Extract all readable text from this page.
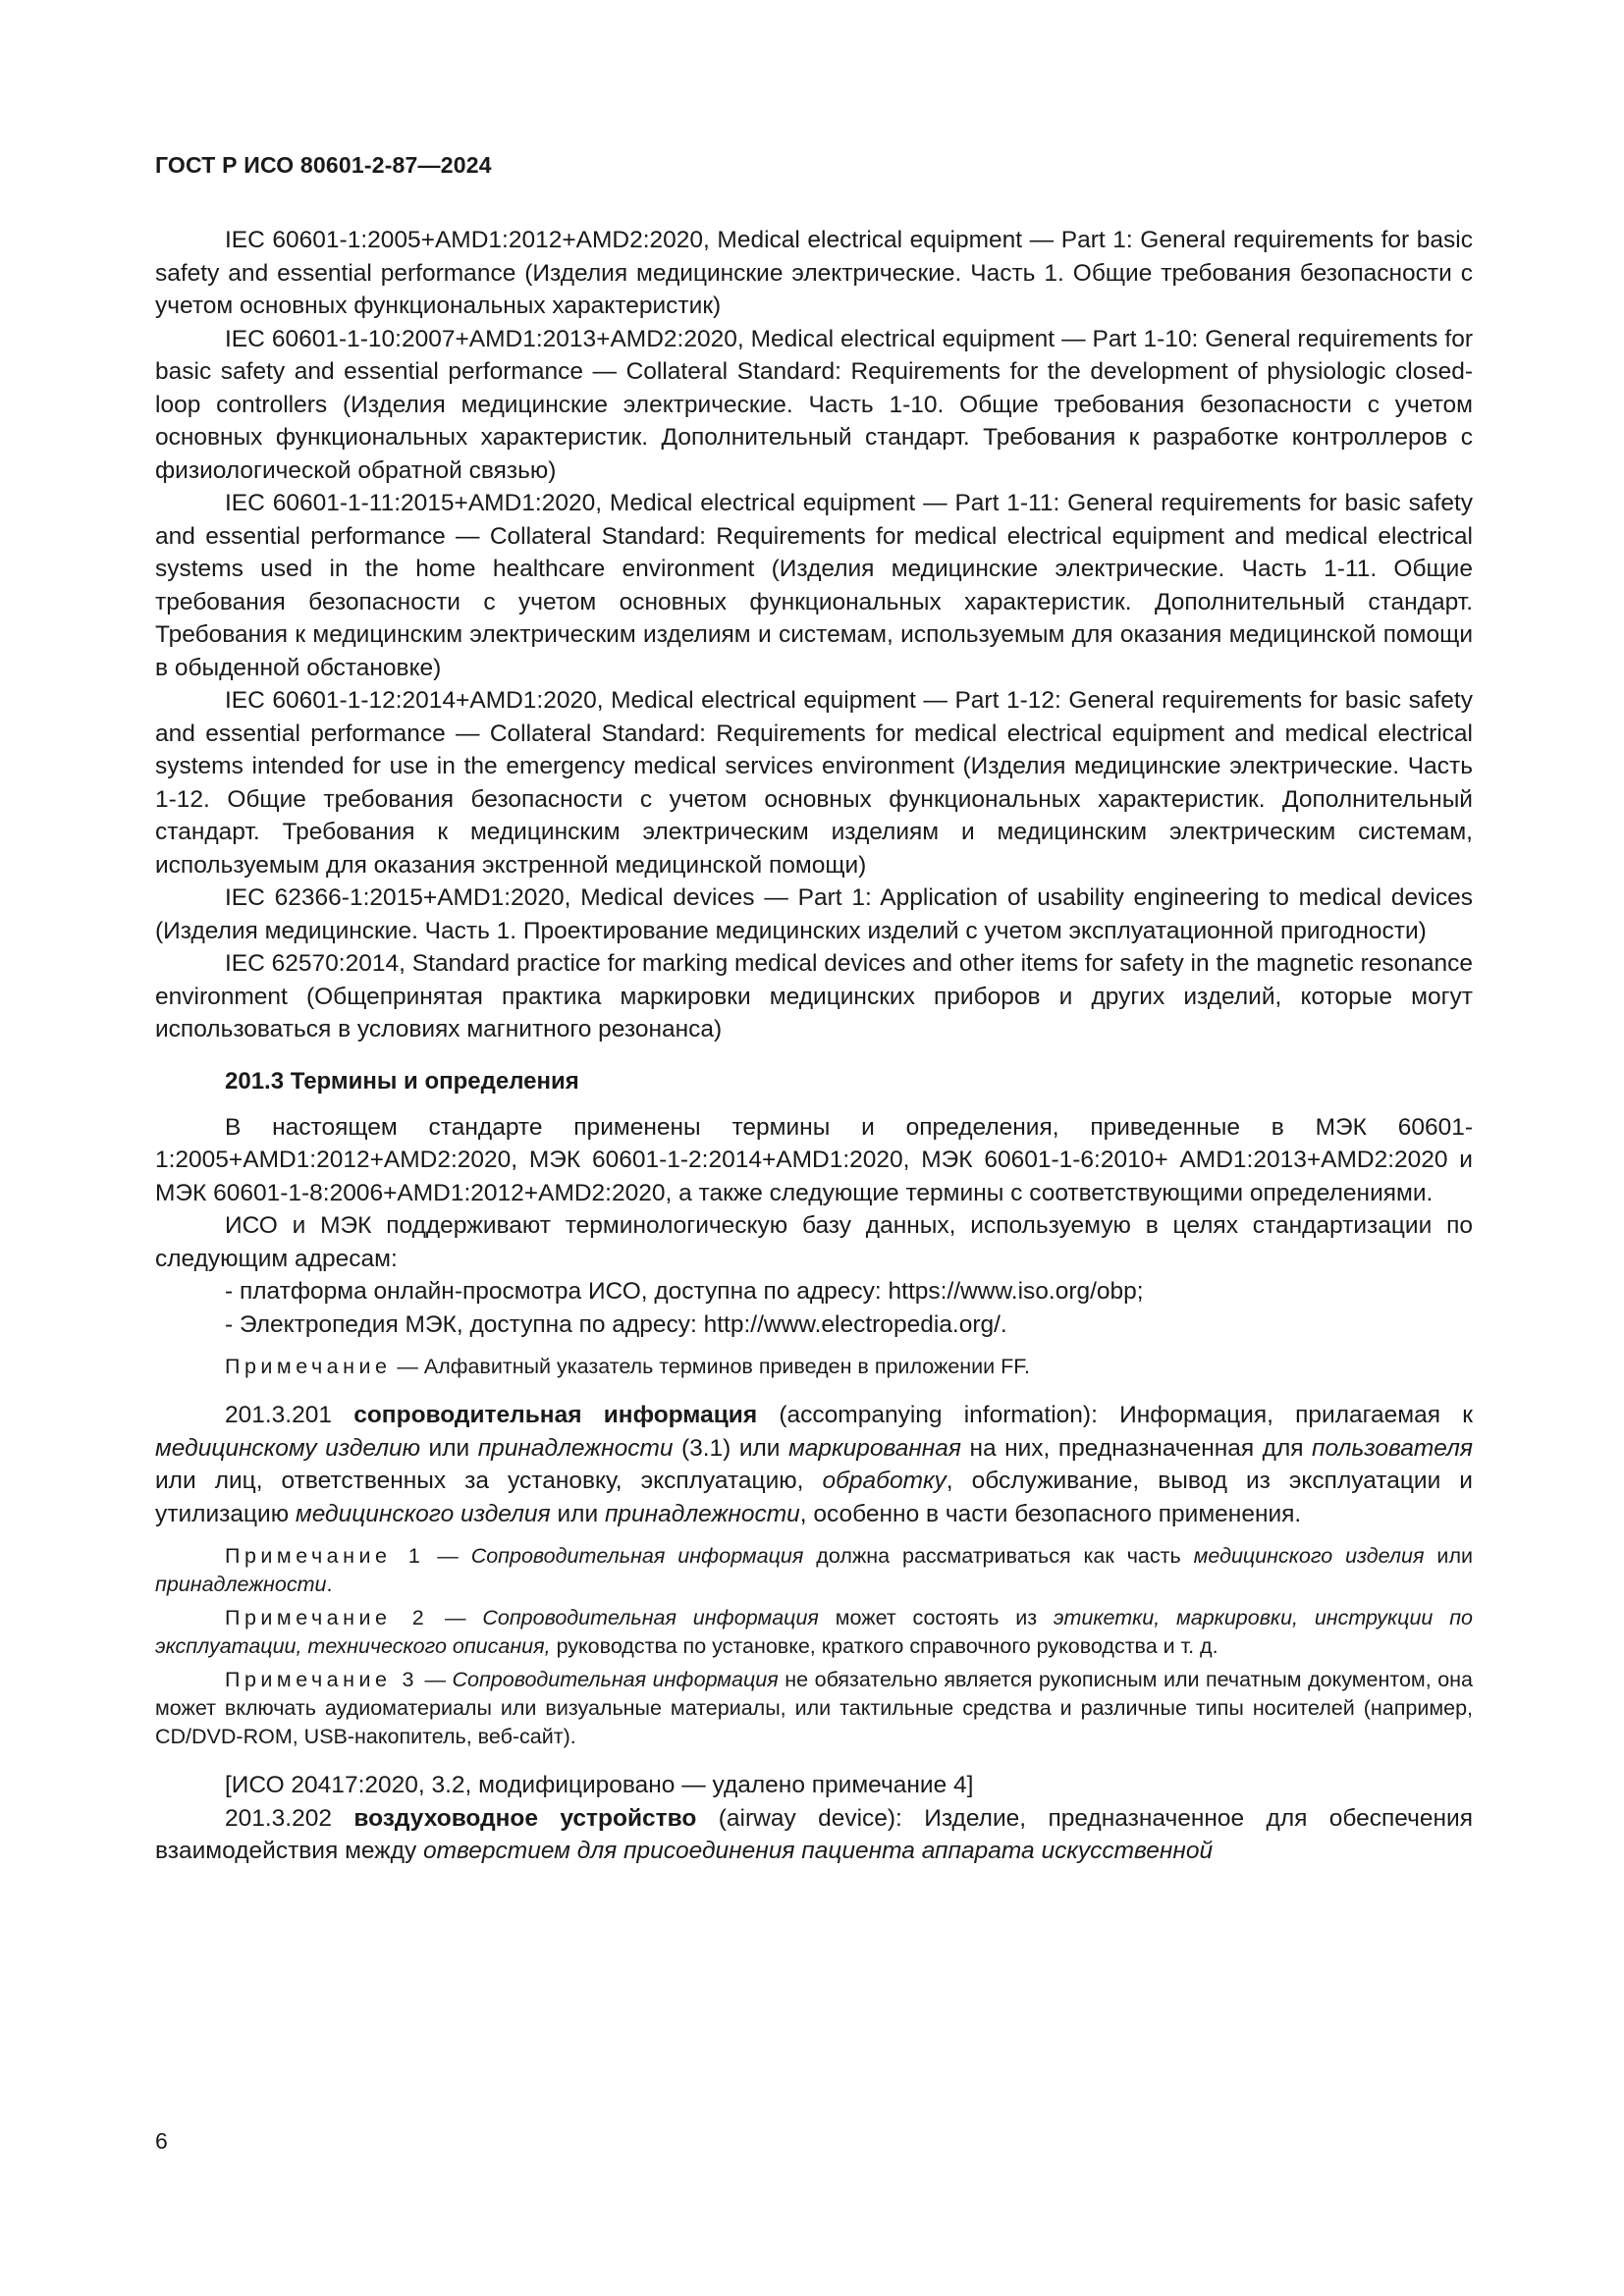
ГОСТ Р ИСО 80601-2-87—2024

IEC 60601-1:2005+AMD1:2012+AMD2:2020, Medical electrical equipment — Part 1: General requirements for basic safety and essential performance (Изделия медицинские электрические. Часть 1. Общие требования безопасности с учетом основных функциональных характеристик)

IEC 60601-1-10:2007+AMD1:2013+AMD2:2020, Medical electrical equipment — Part 1-10: General requirements for basic safety and essential performance — Collateral Standard: Requirements for the development of physiologic closed-loop controllers (Изделия медицинские электрические. Часть 1-10. Общие требования безопасности с учетом основных функциональных характеристик. Дополнительный стандарт. Требования к разработке контроллеров с физиологической обратной связью)

IEC 60601-1-11:2015+AMD1:2020, Medical electrical equipment — Part 1-11: General requirements for basic safety and essential performance — Collateral Standard: Requirements for medical electrical equipment and medical electrical systems used in the home healthcare environment (Изделия медицинские электрические. Часть 1-11. Общие требования безопасности с учетом основных функциональных характеристик. Дополнительный стандарт. Требования к медицинским электрическим изделиям и системам, используемым для оказания медицинской помощи в обыденной обстановке)

IEC 60601-1-12:2014+AMD1:2020, Medical electrical equipment — Part 1-12: General requirements for basic safety and essential performance — Collateral Standard: Requirements for medical electrical equipment and medical electrical systems intended for use in the emergency medical services environment (Изделия медицинские электрические. Часть 1-12. Общие требования безопасности с учетом основных функциональных характеристик. Дополнительный стандарт. Требования к медицинским электрическим изделиям и медицинским электрическим системам, используемым для оказания экстренной медицинской помощи)

IEC 62366-1:2015+AMD1:2020, Medical devices — Part 1: Application of usability engineering to medical devices (Изделия медицинские. Часть 1. Проектирование медицинских изделий с учетом эксплуатационной пригодности)

IEC 62570:2014, Standard practice for marking medical devices and other items for safety in the magnetic resonance environment (Общепринятая практика маркировки медицинских приборов и других изделий, которые могут использоваться в условиях магнитного резонанса)

201.3 Термины и определения

В настоящем стандарте применены термины и определения, приведенные в МЭК 60601-1:2005+AMD1:2012+AMD2:2020, МЭК 60601-1-2:2014+AMD1:2020, МЭК 60601-1-6:2010+ AMD1:2013+AMD2:2020 и МЭК 60601-1-8:2006+AMD1:2012+AMD2:2020, а также следующие термины с соответствующими определениями.

ИСО и МЭК поддерживают терминологическую базу данных, используемую в целях стандартизации по следующим адресам:

- платформа онлайн-просмотра ИСО, доступна по адресу: https://www.iso.org/obp;

- Электропедия МЭК, доступна по адресу: http://www.electropedia.org/.

Примечание — Алфавитный указатель терминов приведен в приложении FF.

201.3.201 сопроводительная информация (accompanying information): Информация, прилагаемая к медицинскому изделию или принадлежности (3.1) или маркированная на них, предназначенная для пользователя или лиц, ответственных за установку, эксплуатацию, обработку, обслуживание, вывод из эксплуатации и утилизацию медицинского изделия или принадлежности, особенно в части безопасного применения.

Примечание 1 — Сопроводительная информация должна рассматриваться как часть медицинского изделия или принадлежности.

Примечание 2 — Сопроводительная информация может состоять из этикетки, маркировки, инструкции по эксплуатации, технического описания, руководства по установке, краткого справочного руководства и т. д.

Примечание 3 — Сопроводительная информация не обязательно является рукописным или печатным документом, она может включать аудиоматериалы или визуальные материалы, или тактильные средства и различные типы носителей (например, CD/DVD-ROM, USB-накопитель, веб-сайт).

[ИСО 20417:2020, 3.2, модифицировано — удалено примечание 4]

201.3.202 воздуховодное устройство (airway device): Изделие, предназначенное для обеспечения взаимодействия между отверстием для присоединения пациента аппарата искусственной

6
